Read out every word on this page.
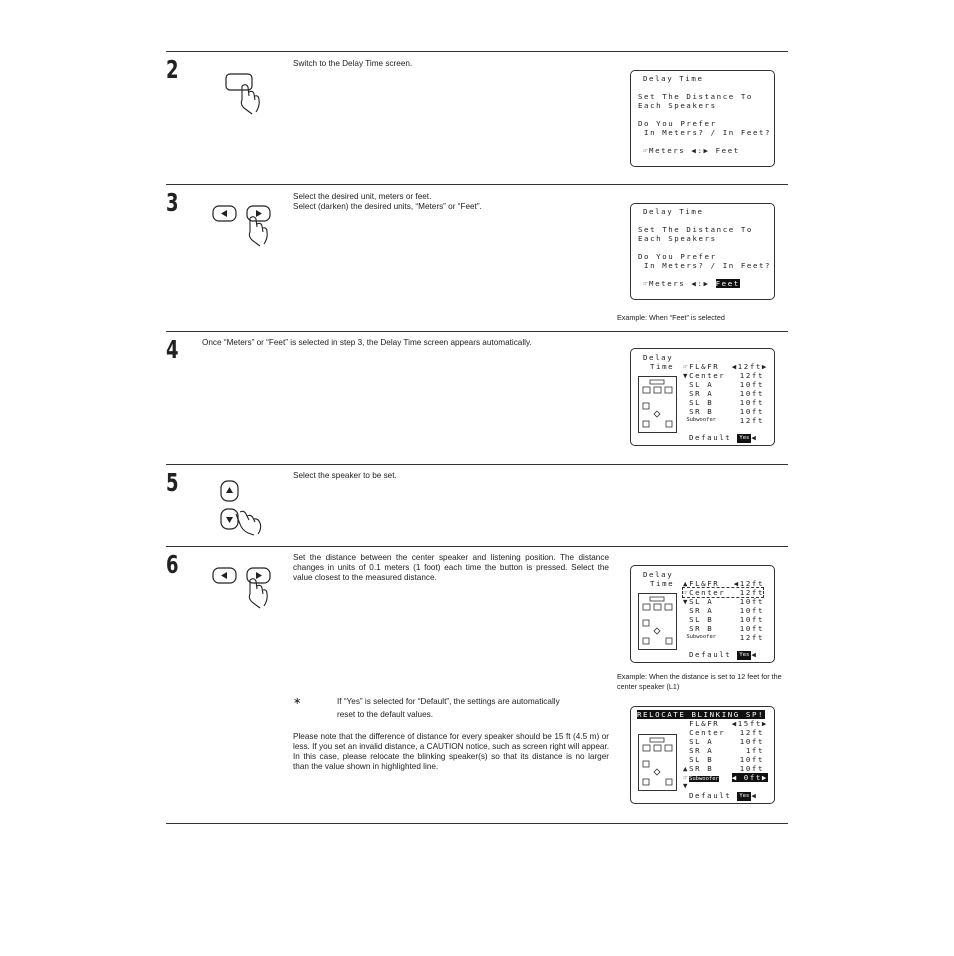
2	Switch to the Delay Time screen.
Delay Time
Set The Distance To
Each Speakers
Do You Prefer
In Meters? / In Feet?
☞Meters ◀:▶ Feet
3	Select the desired unit, meters or feet.
Select (darken) the desired units, “Meters” or “Feet”.
Delay Time
Set The Distance To
Each Speakers
Do You Prefer
In Meters? / In Feet?
☞Meters ◀:▶ Feet
Example: When “Feet” is selected
4	Once “Meters” or “Feet” is selected in step 3, the Delay Time screen appears automatically.
Delay
Time ☞FL&FR ◀12ft▶
▼Center 12ft
SL A	10ft
SR A	10ft
SL B	10ft
SR B	10ft
Subwoofer	12ft
Default Yes ◀
5	Select the speaker to be set.
6	Set the distance between the center speaker and listening position. The distance changes in units of 0.1 meters (1 foot) each time the button is pressed. Select the value closest to the measured distance.	Delay
Time ▲FL&FR ◀12ft
☞Center	12ft
▼SL A	10ft
SR A	10ft
SL B	10ft
SR B	10ft
Subwoofer	12ft
Default Yes ◀
Example: When the distance is set to 12 feet for the center speaker (L1)
∗	If “Yes” is selected for “Default”, the settings are automatically reset to the default values.
Please note that the difference of distance for every speaker should be 15 ft (4.5 m) or less. If you set an invalid distance, a CAUTION notice, such as screen right will appear. In this case, please relocate the blinking speaker(s) so that its distance is no larger than the value shown in highlighted line.
RELOCATE BLINKING SP!
FL&FR ◀15ft▶
Center 12ft
SL A	10ft
SR A	1ft
SL B	10ft
▲SR B	10ft
☞Subwoofer ◀ 0ft▶
▼
Default Yes ◀
